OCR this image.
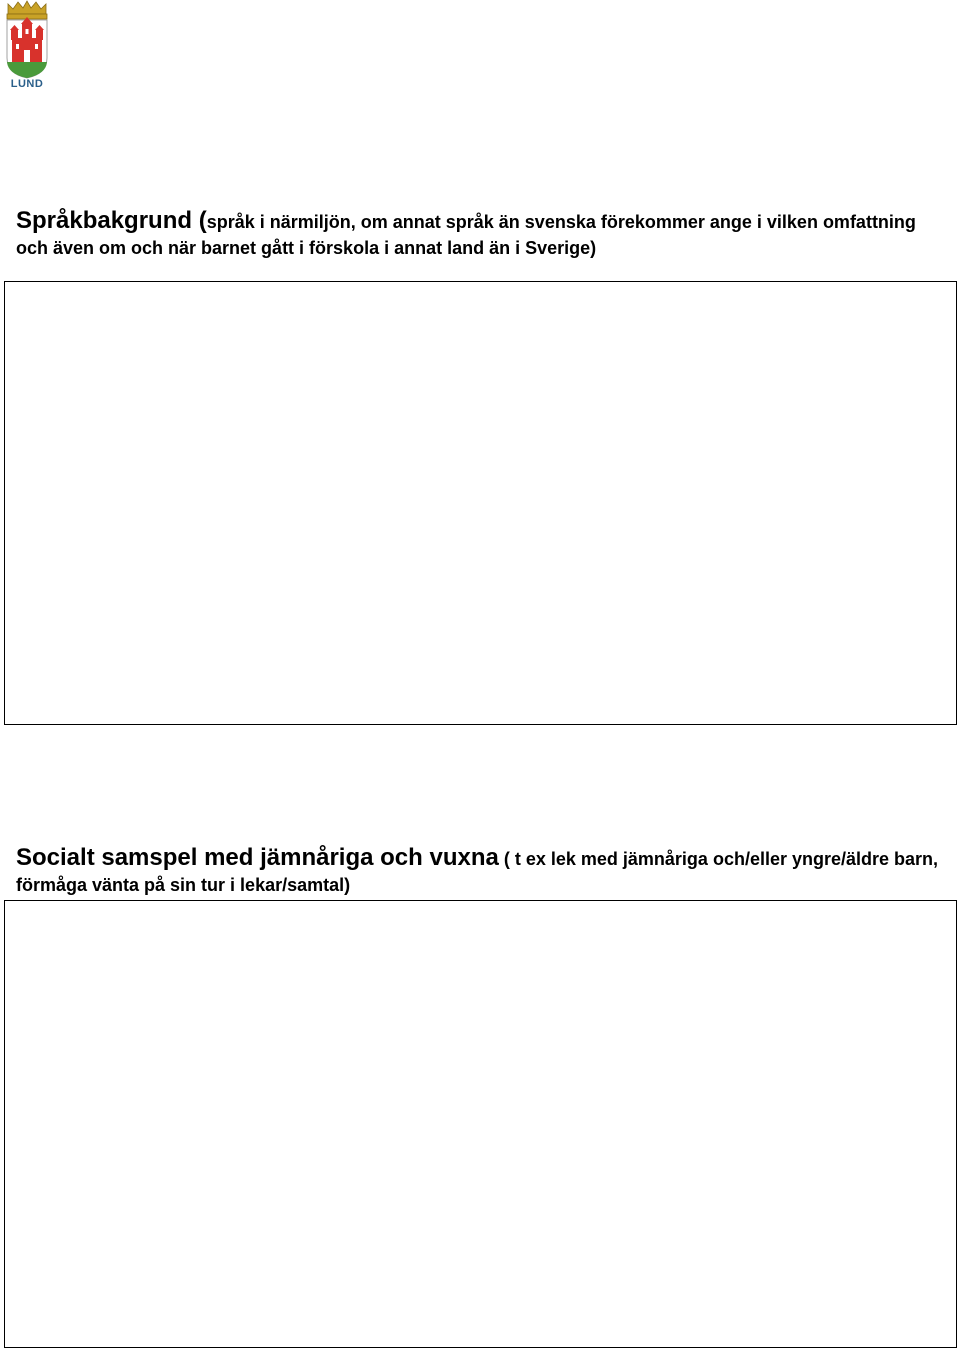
LUND

Språkbakgrund (språk i närmiljön, om annat språk än svenska förekommer ange i vilken omfattning och även om och när barnet gått i förskola i annat land än i Sverige)

Socialt samspel med jämnåriga och vuxna ( t ex lek med jämnåriga och/eller yngre/äldre barn, förmåga vänta på sin tur i lekar/samtal)
